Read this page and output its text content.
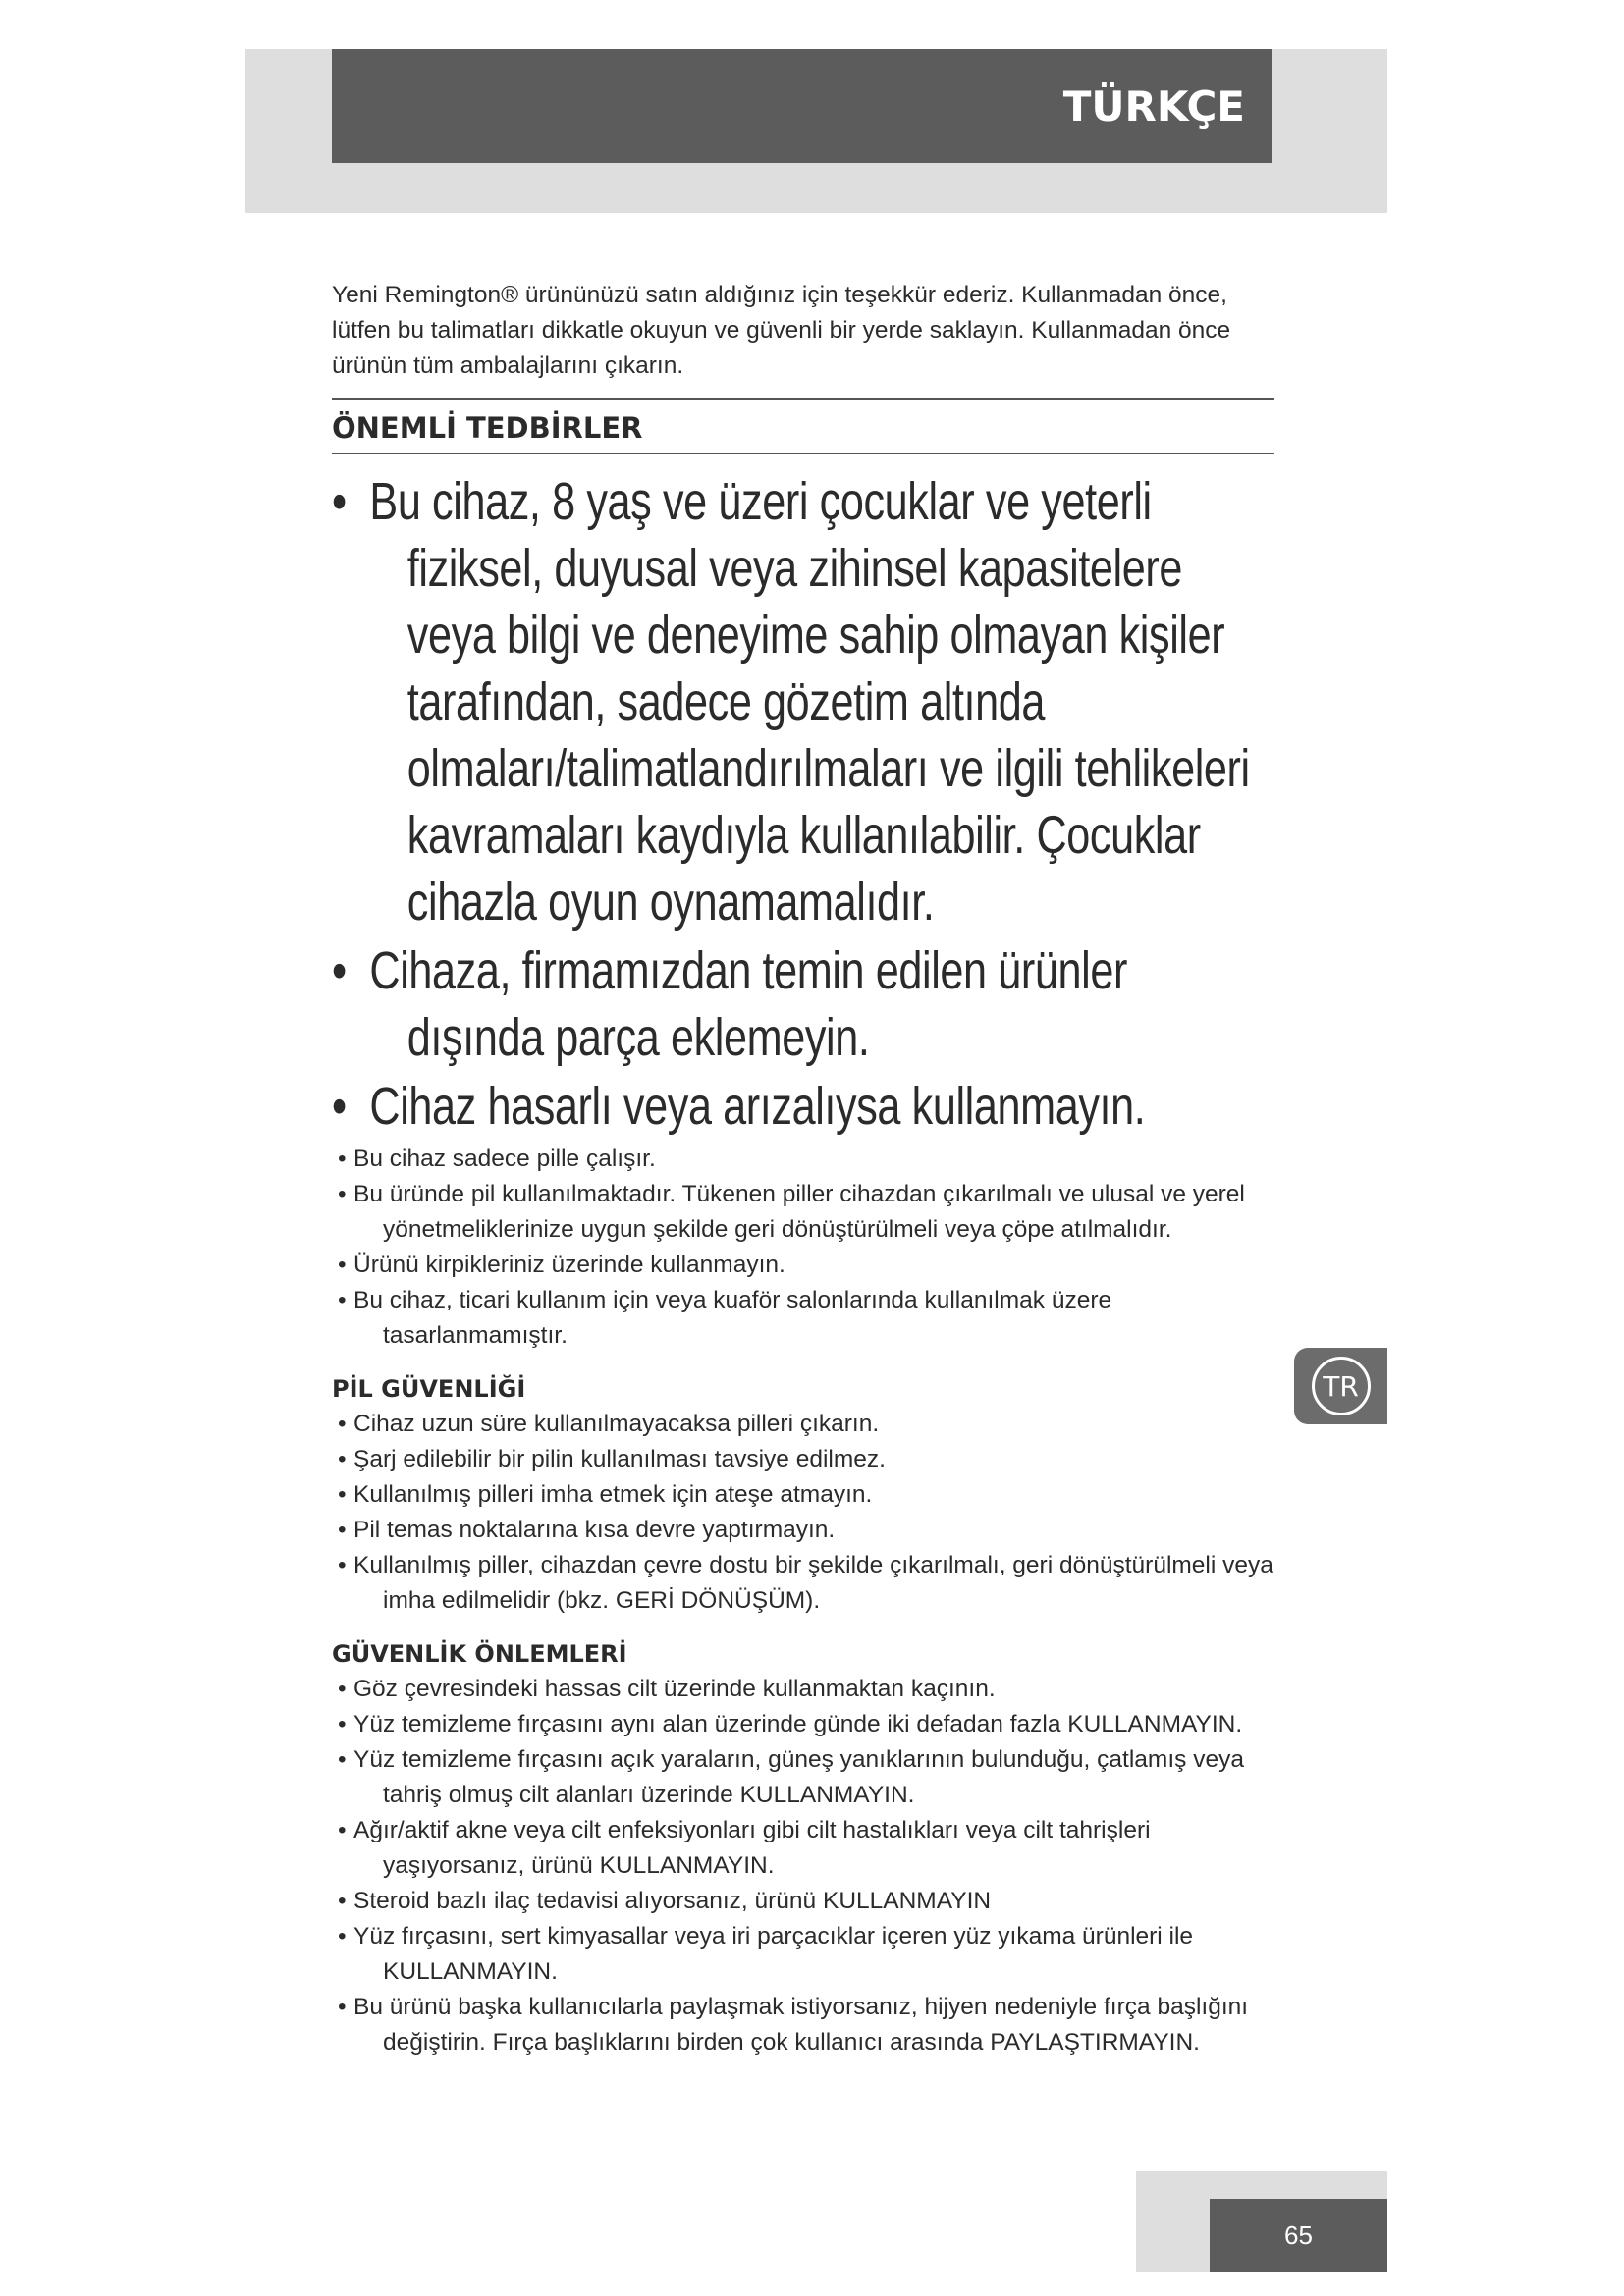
TÜRKÇE

Yeni Remington® ürününüzü satın aldığınız için teşekkür ederiz. Kullanmadan önce, lütfen bu talimatları dikkatle okuyun ve güvenli bir yerde saklayın. Kullanmadan önce ürünün tüm ambalajlarını çıkarın.

ÖNEMLİ TEDBİRLER
• Bu cihaz, 8 yaş ve üzeri çocuklar ve yeterli fiziksel, duyusal veya zihinsel kapasitelere veya bilgi ve deneyime sahip olmayan kişiler tarafından, sadece gözetim altında olmaları/talimatlandırılmaları ve ilgili tehlikeleri kavramaları kaydıyla kullanılabilir. Çocuklar cihazla oyun oynamamalıdır.
• Cihaza, firmamızdan temin edilen ürünler dışında parça eklemeyin.
• Cihaz hasarlı veya arızalıysa kullanmayın.
• Bu cihaz sadece pille çalışır.
• Bu üründe pil kullanılmaktadır. Tükenen piller cihazdan çıkarılmalı ve ulusal ve yerel yönetmeliklerinize uygun şekilde geri dönüştürülmeli veya çöpe atılmalıdır.
• Ürünü kirpikleriniz üzerinde kullanmayın.
• Bu cihaz, ticari kullanım için veya kuaför salonlarında kullanılmak üzere tasarlanmamıştır.
PİL GÜVENLİĞİ
• Cihaz uzun süre kullanılmayacaksa pilleri çıkarın.
• Şarj edilebilir bir pilin kullanılması tavsiye edilmez.
• Kullanılmış pilleri imha etmek için ateşe atmayın.
• Pil temas noktalarına kısa devre yaptırmayın.
• Kullanılmış piller, cihazdan çevre dostu bir şekilde çıkarılmalı, geri dönüştürülmeli veya imha edilmelidir (bkz. GERİ DÖNÜŞÜM).
GÜVENLİK ÖNLEMLERİ
• Göz çevresindeki hassas cilt üzerinde kullanmaktan kaçının.
• Yüz temizleme fırçasını aynı alan üzerinde günde iki defadan fazla KULLANMAYIN.
• Yüz temizleme fırçasını açık yaraların, güneş yanıklarının bulunduğu, çatlamış veya tahriş olmuş cilt alanları üzerinde KULLANMAYIN.
• Ağır/aktif akne veya cilt enfeksiyonları gibi cilt hastalıkları veya cilt tahrişleri yaşıyorsanız, ürünü KULLANMAYIN.
• Steroid bazlı ilaç tedavisi alıyorsanız, ürünü KULLANMAYIN
• Yüz fırçasını, sert kimyasallar veya iri parçacıklar içeren yüz yıkama ürünleri ile KULLANMAYIN.
• Bu ürünü başka kullanıcılarla paylaşmak istiyorsanız, hijyen nedeniyle fırça başlığını değiştirin. Fırça başlıklarını birden çok kullanıcı arasında PAYLAŞTIRMAYIN.
TR
65
